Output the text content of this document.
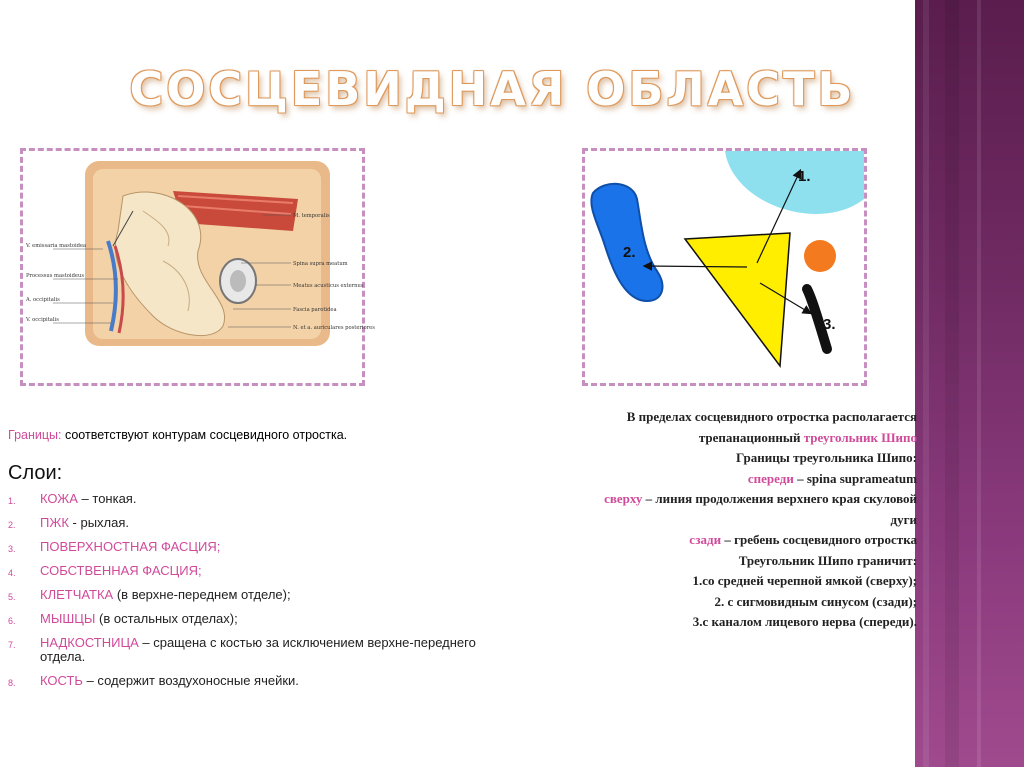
СОСЦЕВИДНАЯ ОБЛАСТЬ
V. emissaria mastoidea
Processus mastoideus
A. occipitalis
V. occipitalis
M. temporalis
Spina supra meatum
Meatus acusticus externus
Fascia parotidea
N. et a. auriculares posteriores
1.
2.
3.
Границы: соответствуют контурам сосцевидного отростка.
Слои:
1. КОЖА – тонкая.
2. ПЖК - рыхлая.
3. ПОВЕРХНОСТНАЯ ФАСЦИЯ;
4. СОБСТВЕННАЯ ФАСЦИЯ;
5. КЛЕТЧАТКА (в верхне-переднем отделе);
6. МЫШЦЫ (в остальных отделах);
7. НАДКОСТНИЦА – сращена с костью за исключением верхне-переднего отдела.
8. КОСТЬ – содержит воздухоносные ячейки.
В пределах сосцевидного отростка располагается
трепанационный треугольник Шипо
Границы треугольника Шипо:
спереди – spina suprameatum
сверху – линия продолжения верхнего края скуловой
дуги
сзади – гребень сосцевидного отростка
Треугольник Шипо граничит:
1.со средней черепной ямкой (сверху);
2. с сигмовидным синусом (сзади);
3.с каналом лицевого нерва (спереди).
